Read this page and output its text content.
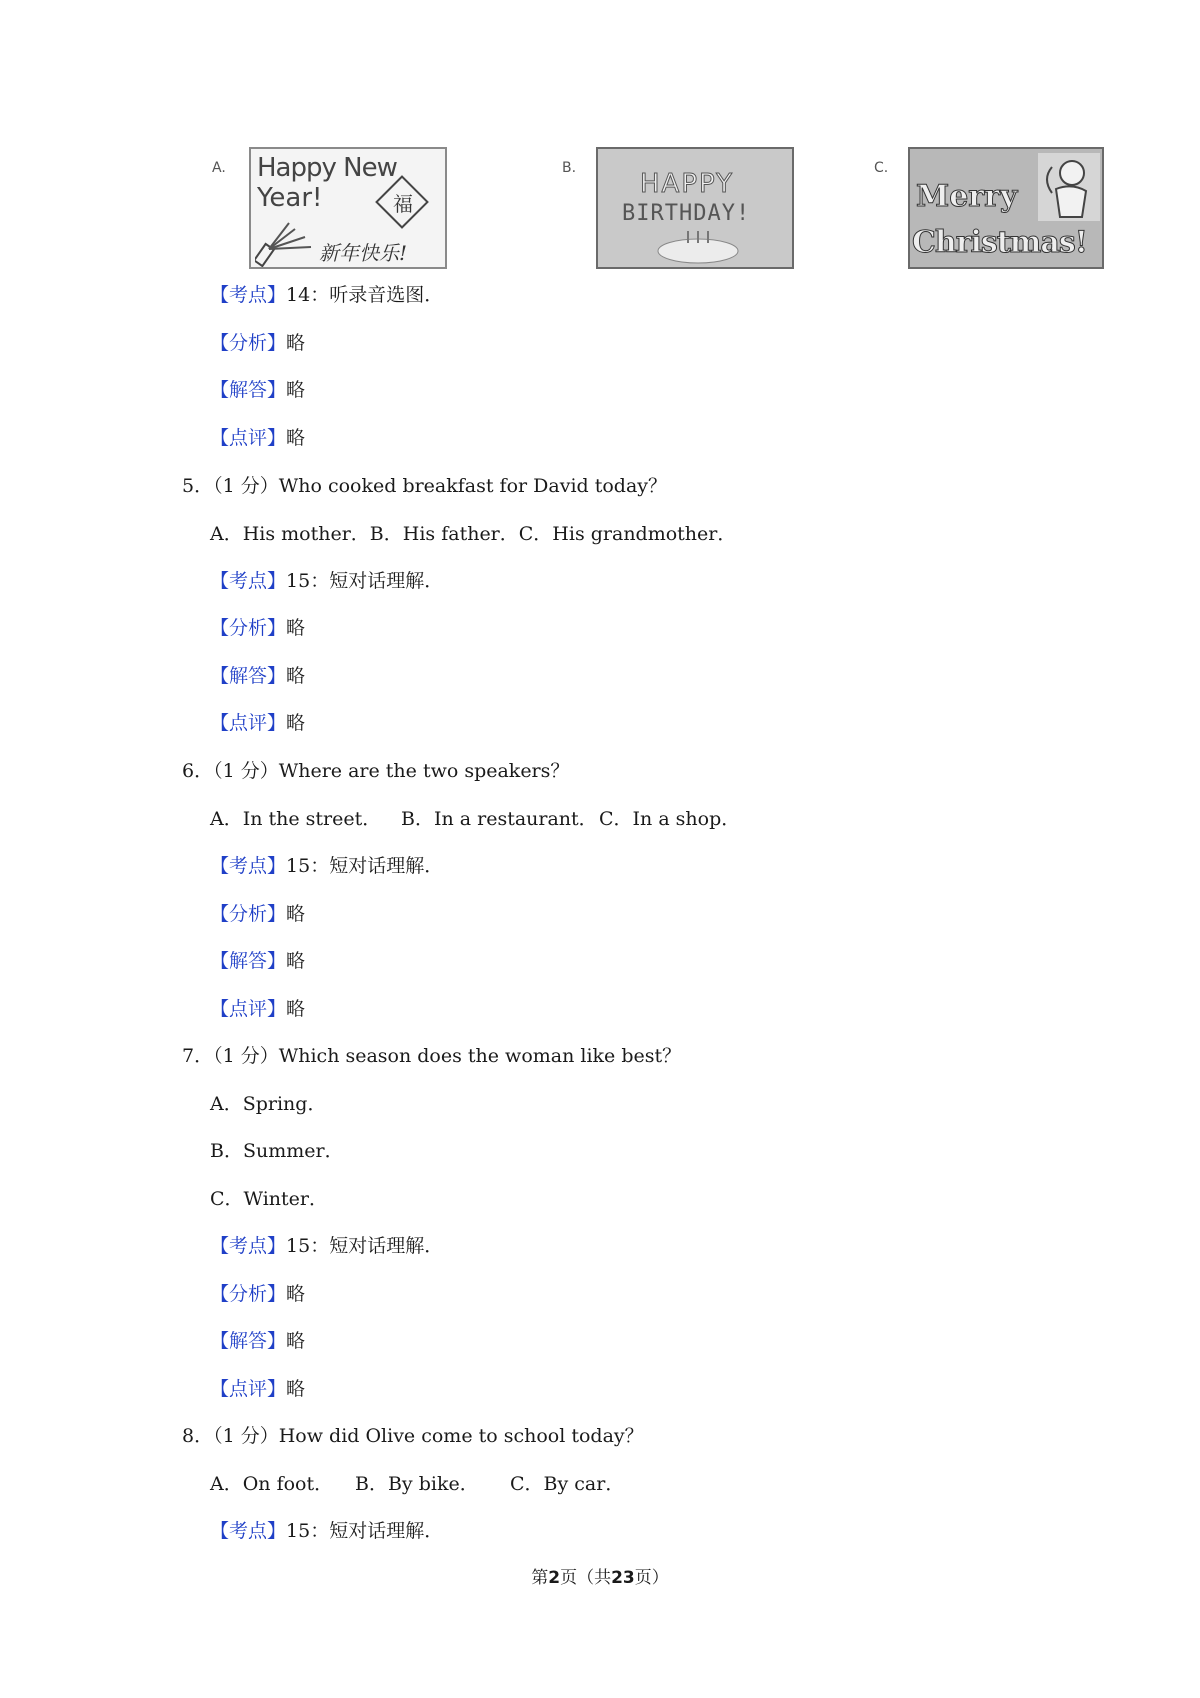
A. Happy New
Year!	福
新年快乐!
B.
HAPPY
BIRTHDAY!
C.
Merry
Christmas!
【考点】14：听录音选图．
【分析】略
【解答】略
【点评】略
5．（1 分）Who cooked breakfast for David today？
A．His mother．B．His father．C．His grandmother．
【考点】15：短对话理解．
【分析】略
【解答】略
【点评】略
6．（1 分）Where are the two speakers？
A．In the street． B．In a restaurant． C．In a shop．
【考点】15：短对话理解．
【分析】略
【解答】略
【点评】略
7．（1 分）Which season does the woman like best？
A．Spring．
B．Summer．
C．Winter．
【考点】15：短对话理解．
【分析】略
【解答】略
【点评】略
8．（1 分）How did Olive come to school today？
A．On foot． B．By bike． C．By car．
【考点】15：短对话理解．
第2页（共23页）
